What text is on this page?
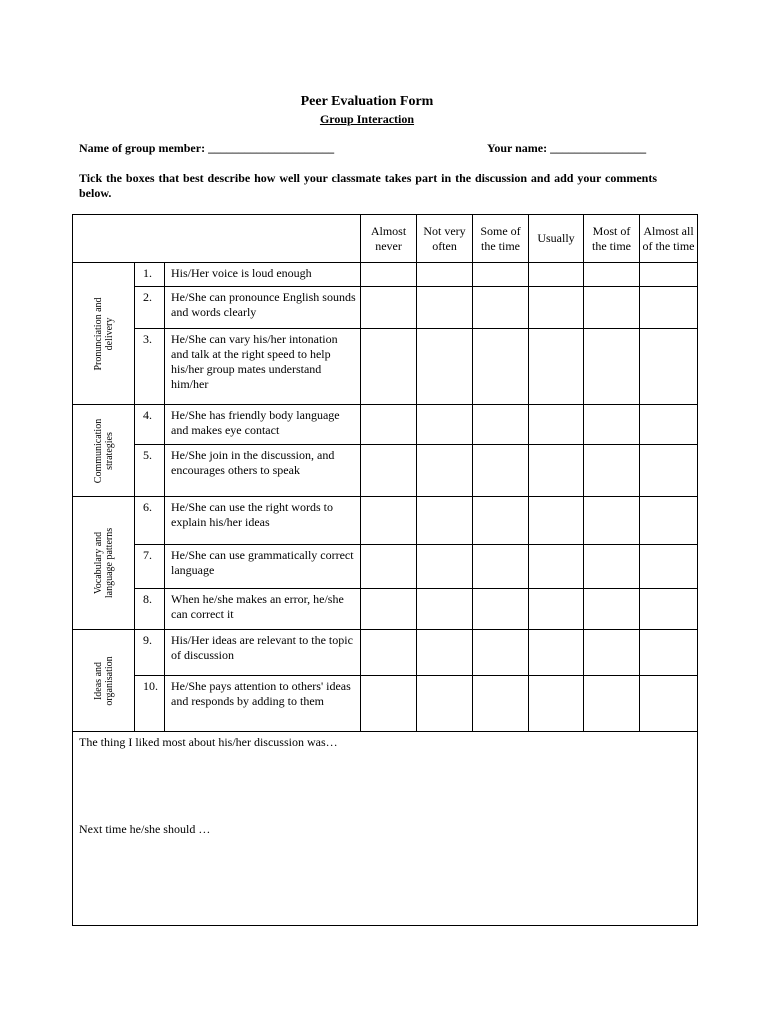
Peer Evaluation Form
Group Interaction
Name of group member: _____________________	Your name: ________________
Tick the boxes that best describe how well your classmate takes part in the discussion and add your comments below.
			Almost never	Not very often	Some of the time	Usually	Most of the time	Almost all of the time

Pronunciation and
delivery	1.	His/Her voice is loud enough						
	2.	He/She can pronounce English sounds and words clearly						
	3.	He/She can vary his/her intonation and talk at the right speed to help his/her group mates understand him/her						

Communication
strategies	4.	He/She has friendly body language and makes eye contact						
	5.	He/She join in the discussion, and encourages others to speak						

Vocabulary and
language patterns	6.	He/She can use the right words to explain his/her ideas						
	7.	He/She can use grammatically correct language						
	8.	When he/she makes an error, he/she can correct it						

Ideas and
organisation	9.	His/Her ideas are relevant to the topic of discussion						
	10.	He/She pays attention to others' ideas and responds by adding to them						

The thing I liked most about his/her discussion was…
Next time he/she should …								
